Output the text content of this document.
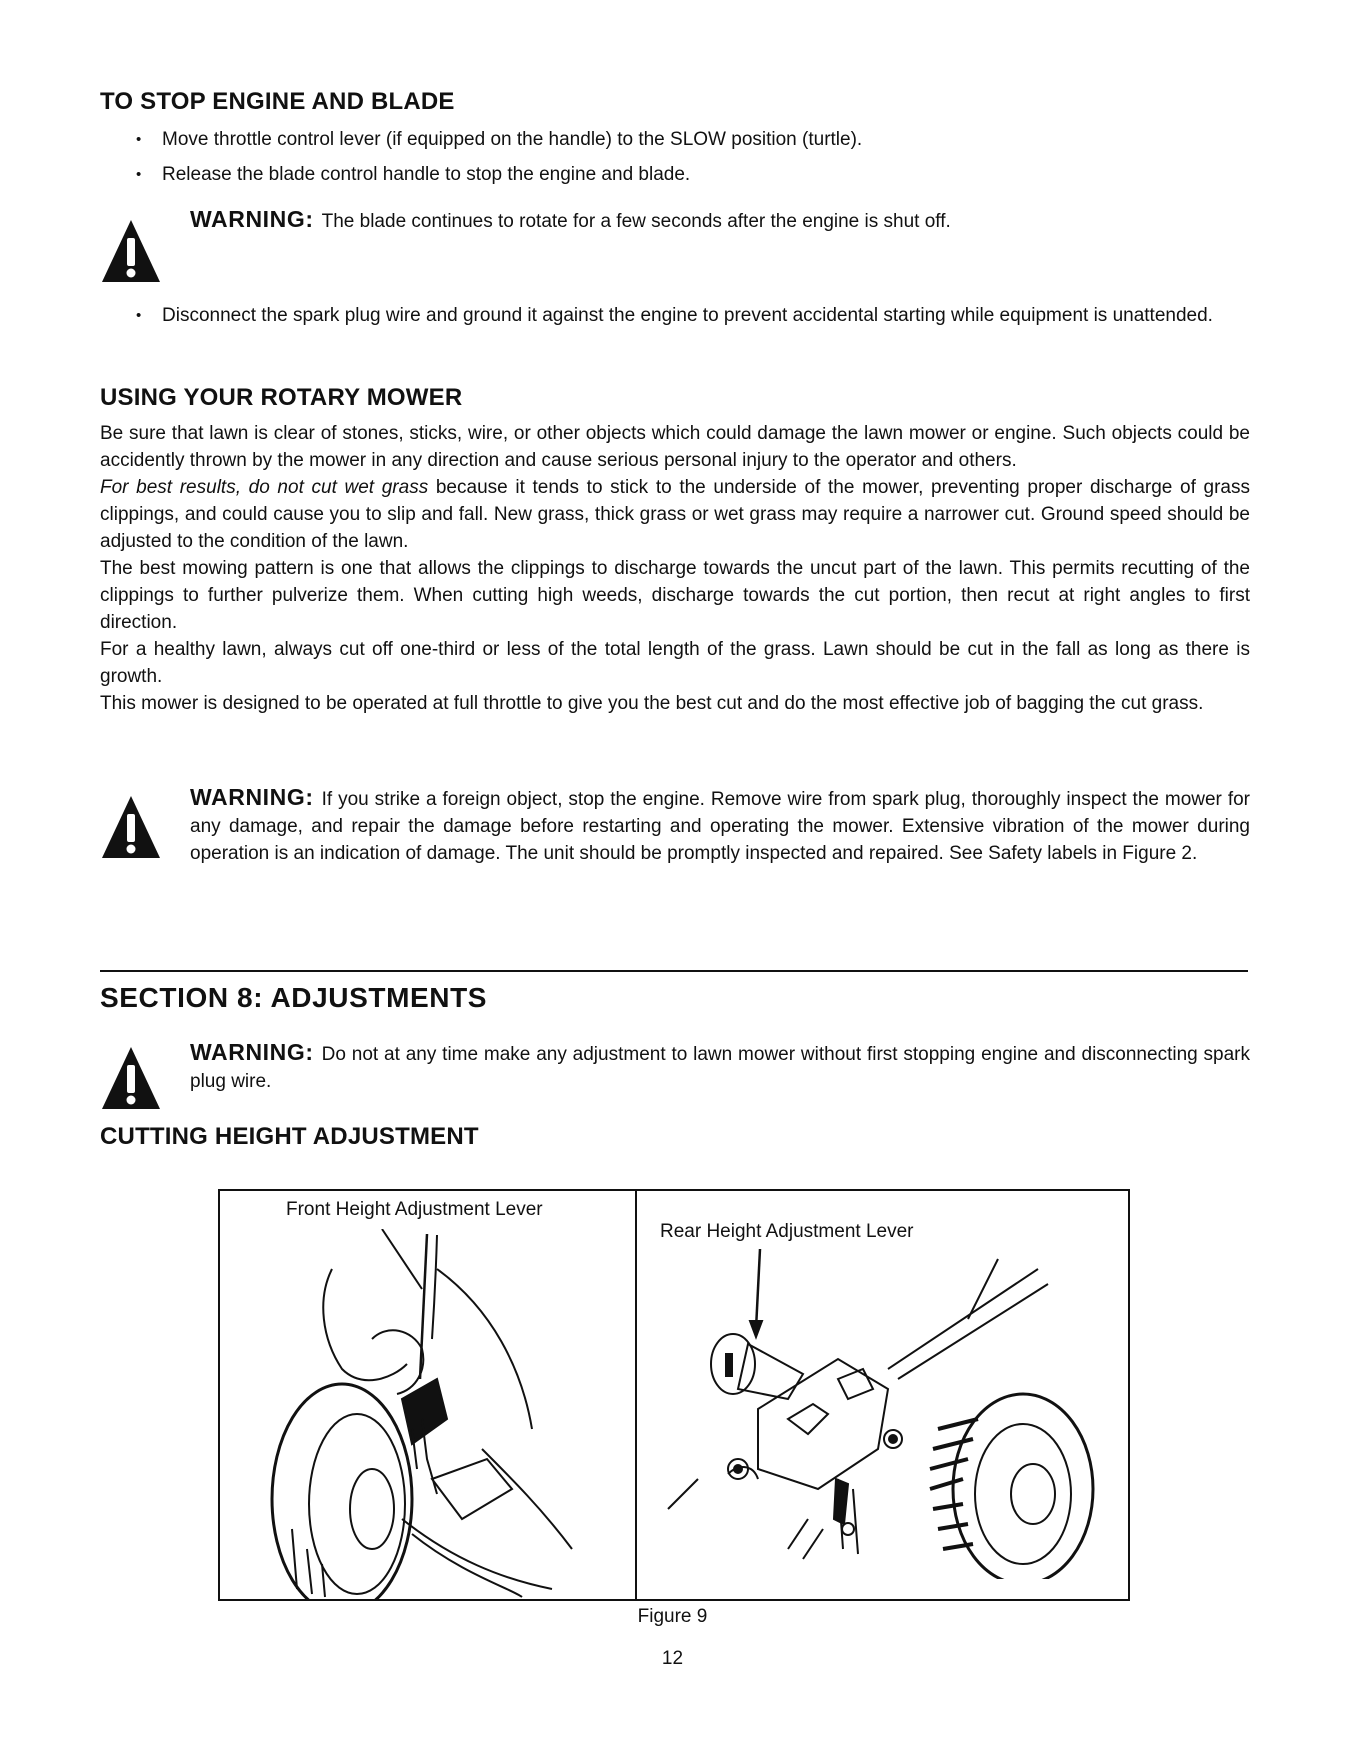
TO STOP ENGINE AND BLADE
• Move throttle control lever (if equipped on the handle) to the SLOW position (turtle).
• Release the blade control handle to stop the engine and blade.
WARNING: The blade continues to rotate for a few seconds after the engine is shut off.
• Disconnect the spark plug wire and ground it against the engine to prevent accidental starting while equipment is unattended.
USING YOUR ROTARY MOWER

Be sure that lawn is clear of stones, sticks, wire, or other objects which could damage the lawn mower or engine. Such objects could be accidently thrown by the mower in any direction and cause serious personal injury to the operator and others.

For best results, do not cut wet grass because it tends to stick to the underside of the mower, preventing proper discharge of grass clippings, and could cause you to slip and fall. New grass, thick grass or wet grass may require a narrower cut. Ground speed should be adjusted to the condition of the lawn.

The best mowing pattern is one that allows the clippings to discharge towards the uncut part of the lawn. This permits recutting of the clippings to further pulverize them. When cutting high weeds, discharge towards the cut portion, then recut at right angles to first direction.

For a healthy lawn, always cut off one-third or less of the total length of the grass. Lawn should be cut in the fall as long as there is growth.

This mower is designed to be operated at full throttle to give you the best cut and do the most effective job of bagging the cut grass.

WARNING: If you strike a foreign object, stop the engine. Remove wire from spark plug, thoroughly inspect the mower for any damage, and repair the damage before restarting and operating the mower. Extensive vibration of the mower during operation is an indication of damage. The unit should be promptly inspected and repaired. See Safety labels in Figure 2.
SECTION 8: ADJUSTMENTS
WARNING: Do not at any time make any adjustment to lawn mower without first stopping engine and disconnecting spark plug wire.
CUTTING HEIGHT ADJUSTMENT
Front Height Adjustment Lever
Rear Height Adjustment Lever
Figure 9
12
